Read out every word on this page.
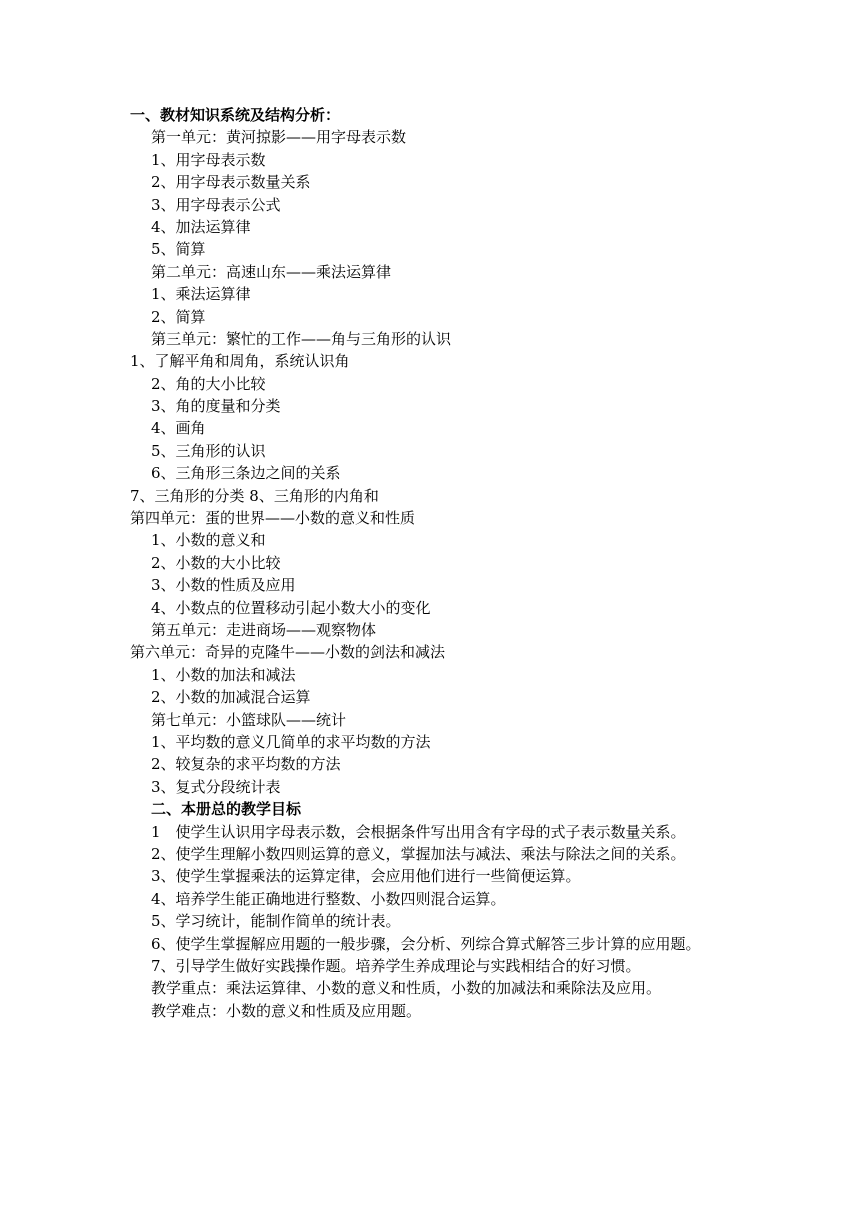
一、教材知识系统及结构分析：
第一单元：黄河掠影——用字母表示数
1、用字母表示数
2、用字母表示数量关系
3、用字母表示公式
4、加法运算律
5、简算
第二单元：高速山东——乘法运算律
1、乘法运算律
2、简算
第三单元：繁忙的工作——角与三角形的认识
1、了解平角和周角，系统认识角
2、角的大小比较
3、角的度量和分类
4、画角
5、三角形的认识
6、三角形三条边之间的关系
7、三角形的分类 8、三角形的内角和
第四单元：蛋的世界——小数的意义和性质
1、小数的意义和
2、小数的大小比较
3、小数的性质及应用
4、小数点的位置移动引起小数大小的变化
第五单元：走进商场——观察物体
第六单元：奇异的克隆牛——小数的剑法和减法
1、小数的加法和减法
2、小数的加减混合运算
第七单元：小篮球队——统计
1、平均数的意义几简单的求平均数的方法
2、较复杂的求平均数的方法
3、复式分段统计表
二、本册总的教学目标
1　使学生认识用字母表示数，会根据条件写出用含有字母的式子表示数量关系。
2、使学生理解小数四则运算的意义，掌握加法与减法、乘法与除法之间的关系。
3、使学生掌握乘法的运算定律，会应用他们进行一些简便运算。
4、培养学生能正确地进行整数、小数四则混合运算。
5、学习统计，能制作简单的统计表。
6、使学生掌握解应用题的一般步骤，会分析、列综合算式解答三步计算的应用题。
7、引导学生做好实践操作题。培养学生养成理论与实践相结合的好习惯。
教学重点：乘法运算律、小数的意义和性质，小数的加减法和乘除法及应用。
教学难点：小数的意义和性质及应用题。
